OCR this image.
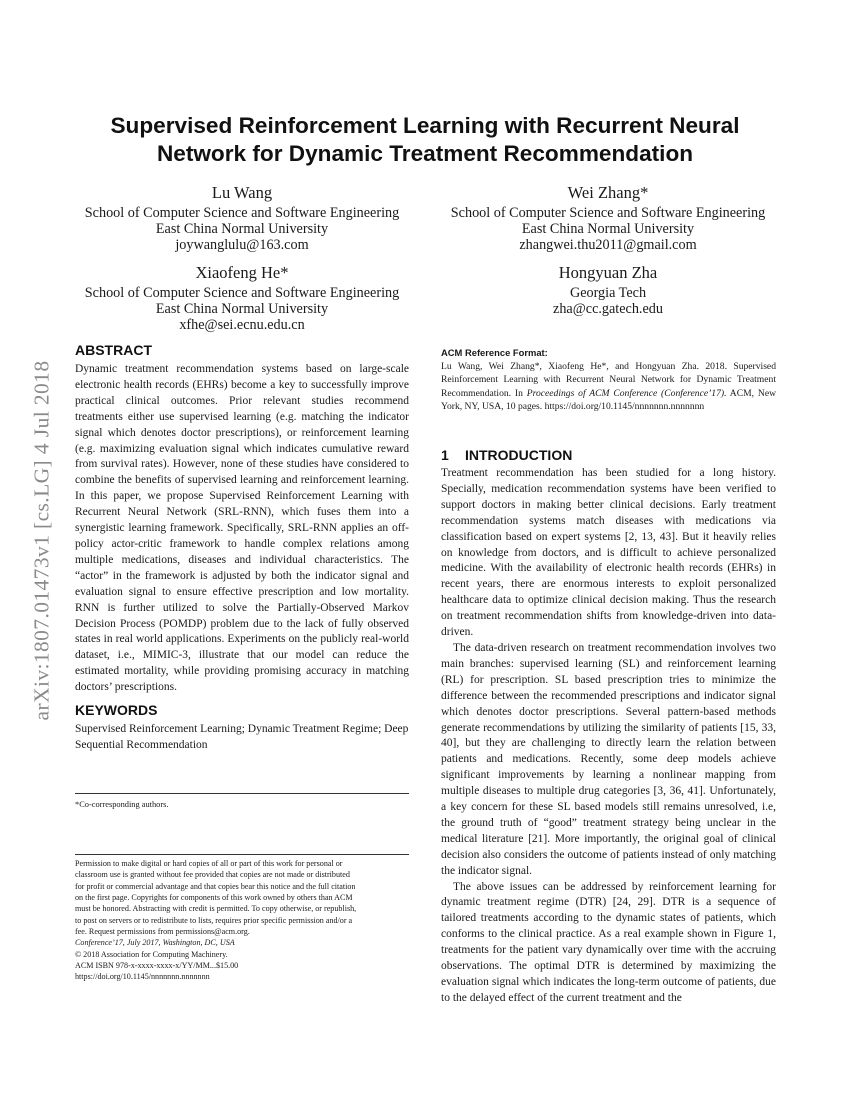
arXiv:1807.01473v1 [cs.LG] 4 Jul 2018
Supervised Reinforcement Learning with Recurrent Neural
Network for Dynamic Treatment Recommendation
Lu Wang
School of Computer Science and Software Engineering
East China Normal University
joywanglulu@163.com
Wei Zhang*
School of Computer Science and Software Engineering
East China Normal University
zhangwei.thu2011@gmail.com
Xiaofeng He*
School of Computer Science and Software Engineering
East China Normal University
xfhe@sei.ecnu.edu.cn
Hongyuan Zha
Georgia Tech
zha@cc.gatech.edu
ABSTRACT

Dynamic treatment recommendation systems based on large-scale electronic health records (EHRs) become a key to successfully improve practical clinical outcomes. Prior relevant studies recommend treatments either use supervised learning (e.g. matching the indicator signal which denotes doctor prescriptions), or reinforcement learning (e.g. maximizing evaluation signal which indicates cumulative reward from survival rates). However, none of these studies have considered to combine the benefits of supervised learning and reinforcement learning. In this paper, we propose Supervised Reinforcement Learning with Recurrent Neural Network (SRL-RNN), which fuses them into a synergistic learning framework. Specifically, SRL-RNN applies an off-policy actor-critic framework to handle complex relations among multiple medications, diseases and individual characteristics. The “actor” in the framework is adjusted by both the indicator signal and evaluation signal to ensure effective prescription and low mortality. RNN is further utilized to solve the Partially-Observed Markov Decision Process (POMDP) problem due to the lack of fully observed states in real world applications. Experiments on the publicly real-world dataset, i.e., MIMIC-3, illustrate that our model can reduce the estimated mortality, while providing promising accuracy in matching doctors’ prescriptions.

KEYWORDS

Supervised Reinforcement Learning; Dynamic Treatment Regime; Deep Sequential Recommendation

*Co-corresponding authors.
Permission to make digital or hard copies of all or part of this work for personal or
classroom use is granted without fee provided that copies are not made or distributed
for profit or commercial advantage and that copies bear this notice and the full citation
on the first page. Copyrights for components of this work owned by others than ACM
must be honored. Abstracting with credit is permitted. To copy otherwise, or republish,
to post on servers or to redistribute to lists, requires prior specific permission and/or a
fee. Request permissions from permissions@acm.org.
Conference’17, July 2017, Washington, DC, USA
© 2018 Association for Computing Machinery.
ACM ISBN 978-x-xxxx-xxxx-x/YY/MM...$15.00
https://doi.org/10.1145/nnnnnnn.nnnnnnn
ACM Reference Format:
Lu Wang, Wei Zhang*, Xiaofeng He*, and Hongyuan Zha. 2018. Supervised Reinforcement Learning with Recurrent Neural Network for Dynamic Treatment Recommendation. In Proceedings of ACM Conference (Conference’17). ACM, New York, NY, USA, 10 pages. https://doi.org/10.1145/nnnnnnn.nnnnnnn
1 INTRODUCTION

Treatment recommendation has been studied for a long history. Specially, medication recommendation systems have been verified to support doctors in making better clinical decisions. Early treatment recommendation systems match diseases with medications via classification based on expert systems [2, 13, 43]. But it heavily relies on knowledge from doctors, and is difficult to achieve personalized medicine. With the availability of electronic health records (EHRs) in recent years, there are enormous interests to exploit personalized healthcare data to optimize clinical decision making. Thus the research on treatment recommendation shifts from knowledge-driven into data-driven.

The data-driven research on treatment recommendation involves two main branches: supervised learning (SL) and reinforcement learning (RL) for prescription. SL based prescription tries to minimize the difference between the recommended prescriptions and indicator signal which denotes doctor prescriptions. Several pattern-based methods generate recommendations by utilizing the similarity of patients [15, 33, 40], but they are challenging to directly learn the relation between patients and medications. Recently, some deep models achieve significant improvements by learning a nonlinear mapping from multiple diseases to multiple drug categories [3, 36, 41]. Unfortunately, a key concern for these SL based models still remains unresolved, i.e, the ground truth of “good” treatment strategy being unclear in the medical literature [21]. More importantly, the original goal of clinical decision also considers the outcome of patients instead of only matching the indicator signal.

The above issues can be addressed by reinforcement learning for dynamic treatment regime (DTR) [24, 29]. DTR is a sequence of tailored treatments according to the dynamic states of patients, which conforms to the clinical practice. As a real example shown in Figure 1, treatments for the patient vary dynamically over time with the accruing observations. The optimal DTR is determined by maximizing the evaluation signal which indicates the long-term outcome of patients, due to the delayed effect of the current treatment and the
